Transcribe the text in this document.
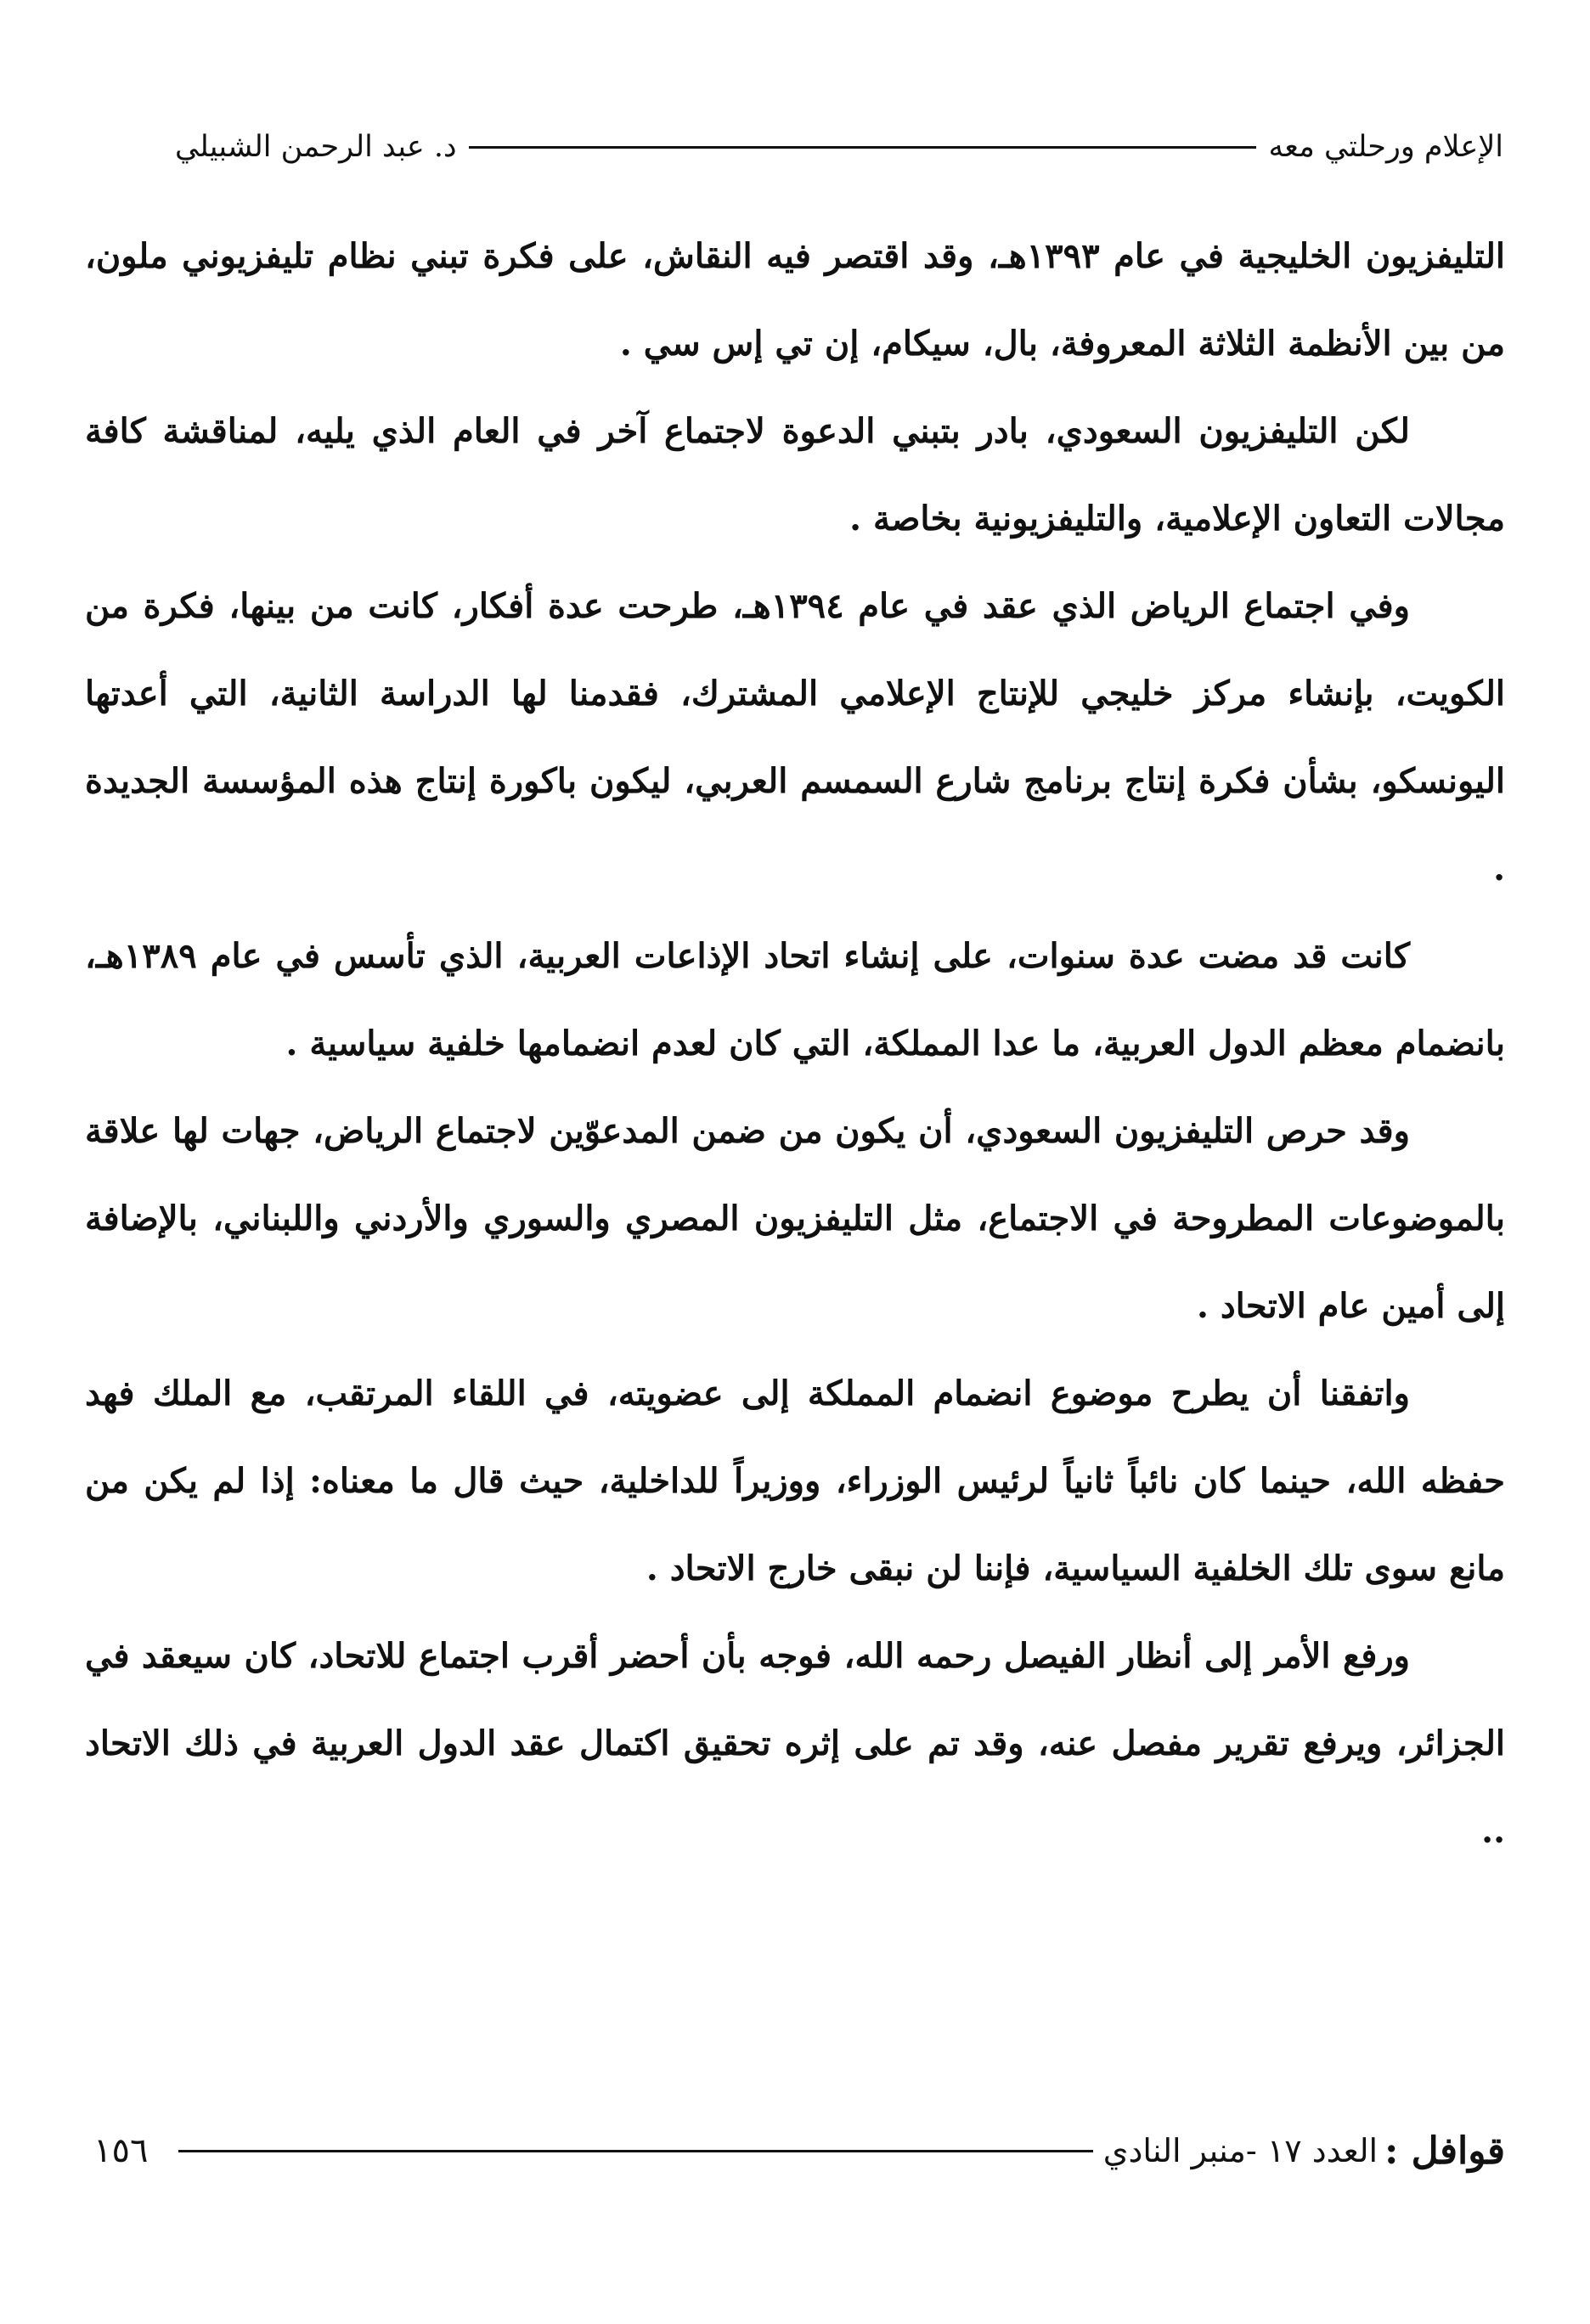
الإعلام ورحلتي معه
د. عبد الرحمن الشبيلي

التليفزيون الخليجية في عام ١٣٩٣هـ، وقد اقتصر فيه النقاش، على فكرة تبني نظام تليفزيوني ملون، من بين الأنظمة الثلاثة المعروفة، بال، سيكام، إن تي إس سي .

لكن التليفزيون السعودي، بادر بتبني الدعوة لاجتماع آخر في العام الذي يليه، لمناقشة كافة مجالات التعاون الإعلامية، والتليفزيونية بخاصة .

وفي اجتماع الرياض الذي عقد في عام ١٣٩٤هـ، طرحت عدة أفكار، كانت من بينها، فكرة من الكويت، بإنشاء مركز خليجي للإنتاج الإعلامي المشترك، فقدمنا لها الدراسة الثانية، التي أعدتها اليونسكو، بشأن فكرة إنتاج برنامج شارع السمسم العربي، ليكون باكورة إنتاج هذه المؤسسة الجديدة .

كانت قد مضت عدة سنوات، على إنشاء اتحاد الإذاعات العربية، الذي تأسس في عام ١٣٨٩هـ، بانضمام معظم الدول العربية، ما عدا المملكة، التي كان لعدم انضمامها خلفية سياسية .

وقد حرص التليفزيون السعودي، أن يكون من ضمن المدعوّين لاجتماع الرياض، جهات لها علاقة بالموضوعات المطروحة في الاجتماع، مثل التليفزيون المصري والسوري والأردني واللبناني، بالإضافة إلى أمين عام الاتحاد .

واتفقنا أن يطرح موضوع انضمام المملكة إلى عضويته، في اللقاء المرتقب، مع الملك فهد حفظه الله، حينما كان نائباً ثانياً لرئيس الوزراء، ووزيراً للداخلية، حيث قال ما معناه: إذا لم يكن من مانع سوى تلك الخلفية السياسية، فإننا لن نبقى خارج الاتحاد .

ورفع الأمر إلى أنظار الفيصل رحمه الله، فوجه بأن أحضر أقرب اجتماع للاتحاد، كان سيعقد في الجزائر، ويرفع تقرير مفصل عنه، وقد تم على إثره تحقيق اكتمال عقد الدول العربية في ذلك الاتحاد ..

قوافل :
العدد ١٧ -منبر النادي
١٥٦
